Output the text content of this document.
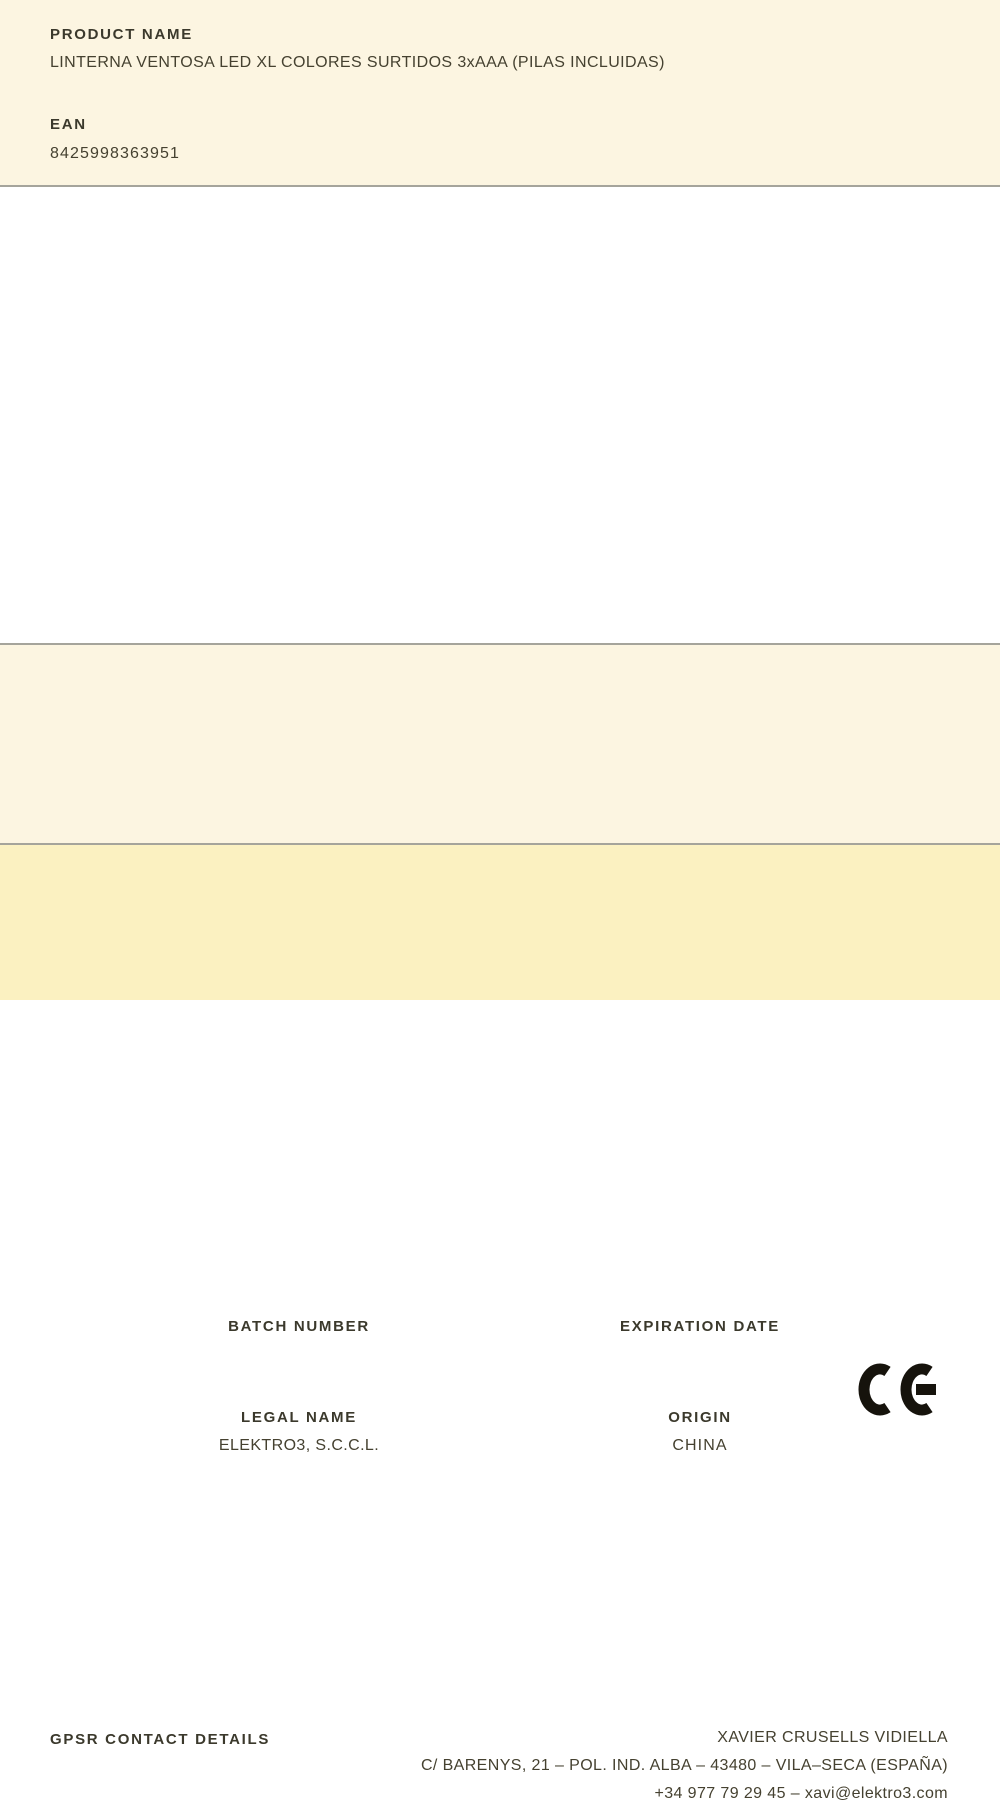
PRODUCT NAME
LINTERNA VENTOSA LED XL COLORES SURTIDOS 3xAAA (PILAS INCLUIDAS)
EAN
8425998363951
BATCH NUMBER	EXPIRATION DATE
LEGAL NAME
ELEKTRO3, S.C.C.L.
ORIGIN
CHINA
GPSR CONTACT DETAILS	XAVIER CRUSELLS VIDIELLA
C/ BARENYS, 21 – POL. IND. ALBA – 43480 – VILA–SECA (ESPAÑA)
+34 977 79 29 45 – xavi@elektro3.com
